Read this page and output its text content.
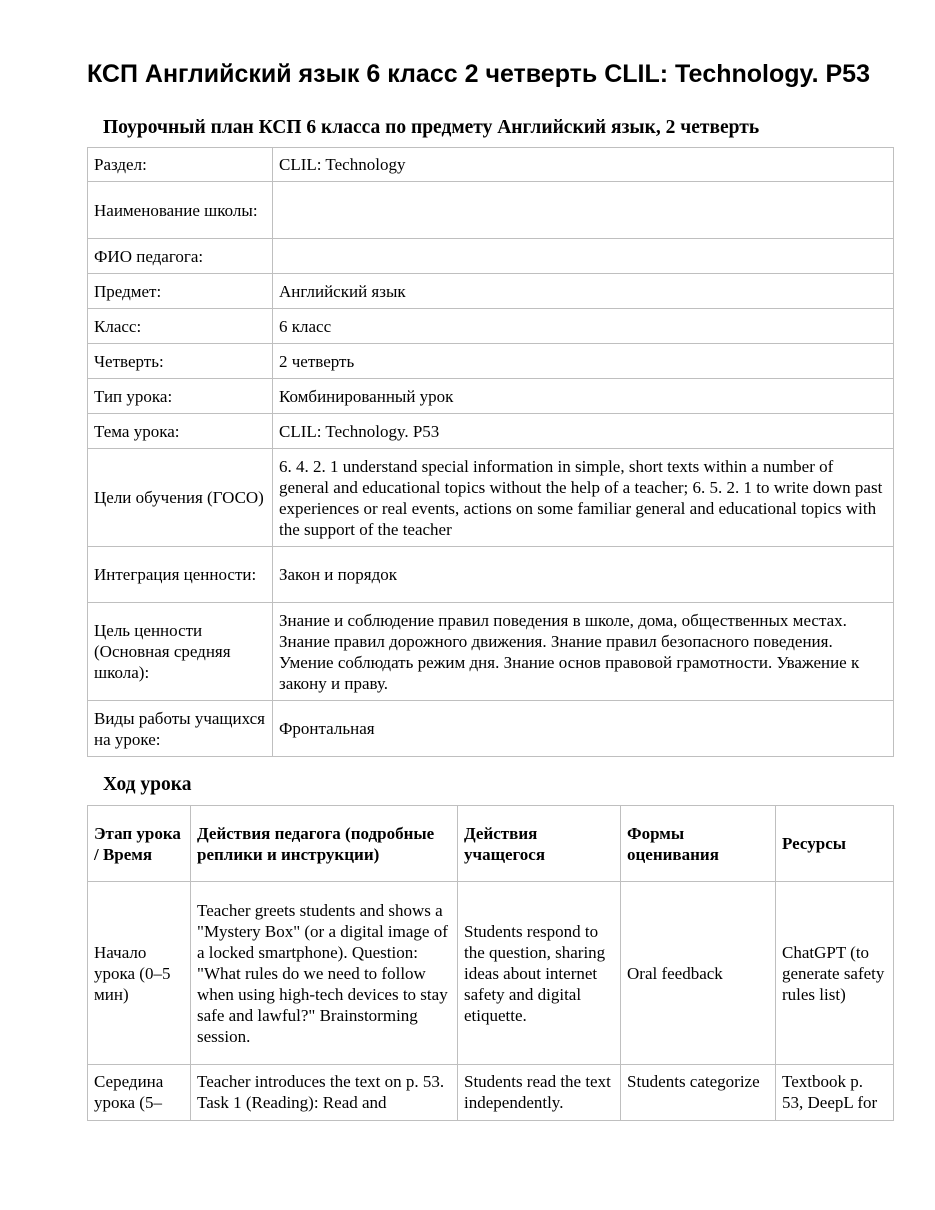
КСП Английский язык 6 класс 2 четверть CLIL: Technology. P53
Поурочный план КСП 6 класса по предмету Английский язык, 2 четверть
Раздел:	CLIL: Technology
Наименование школы:	
ФИО педагога:	
Предмет:	Английский язык
Класс:	6 класс
Четверть:	2 четверть
Тип урока:	Комбинированный урок
Тема урока:	CLIL: Technology. P53
Цели обучения (ГОСО)	6. 4. 2. 1 understand special information in simple, short texts within a number of general and educational topics without the help of a teacher; 6. 5. 2. 1 to write down past experiences or real events, actions on some familiar general and educational topics with the support of the teacher
Интеграция ценности:	Закон и порядок
Цель ценности (Основная средняя школа):	Знание и соблюдение правил поведения в школе, дома, общественных местах. Знание правил дорожного движения. Знание правил безопасного поведения. Умение соблюдать режим дня. Знание основ правовой грамотности. Уважение к закону и праву.
Виды работы учащихся на уроке:	Фронтальная
Ход урока
Этап урока / Время	Действия педагога (подробные реплики и инструкции)	Действия учащегося	Формы оценивания	Ресурсы
Начало урока (0–5 мин)	Teacher greets students and shows a "Mystery Box" (or a digital image of a locked smartphone). Question: "What rules do we need to follow when using high-tech devices to stay safe and lawful?" Brainstorming session.	Students respond to the question, sharing ideas about internet safety and digital etiquette.	Oral feedback	ChatGPT (to generate safety rules list)
Середина урока (5–	Teacher introduces the text on p. 53. Task 1 (Reading): Read and	Students read the text independently.	Students categorize	Textbook p. 53, DeepL for
